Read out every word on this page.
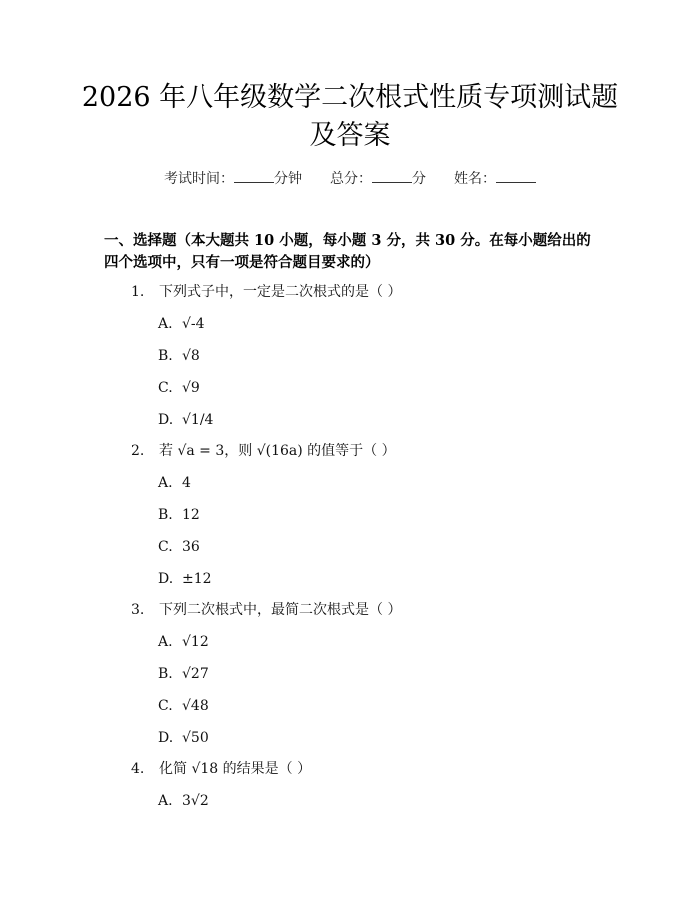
2026 年八年级数学二次根式性质专项测试题
及答案
考试时间：	分钟 总分：	分 姓名：
一、选择题（本大题共 10 小题，每小题 3 分，共 30 分。在每小题给出的四个选项中，只有一项是符合题目要求的）
1. 下列式子中，一定是二次根式的是（ ）
A. √-4
B. √8
C. √9
D. √1/4
2. 若 √a = 3，则 √(16a) 的值等于（ ）
A. 4
B. 12
C. 36
D. ±12
3. 下列二次根式中，最简二次根式是（ ）
A. √12
B. √27
C. √48
D. √50
4. 化简 √18 的结果是（ ）
A. 3√2
